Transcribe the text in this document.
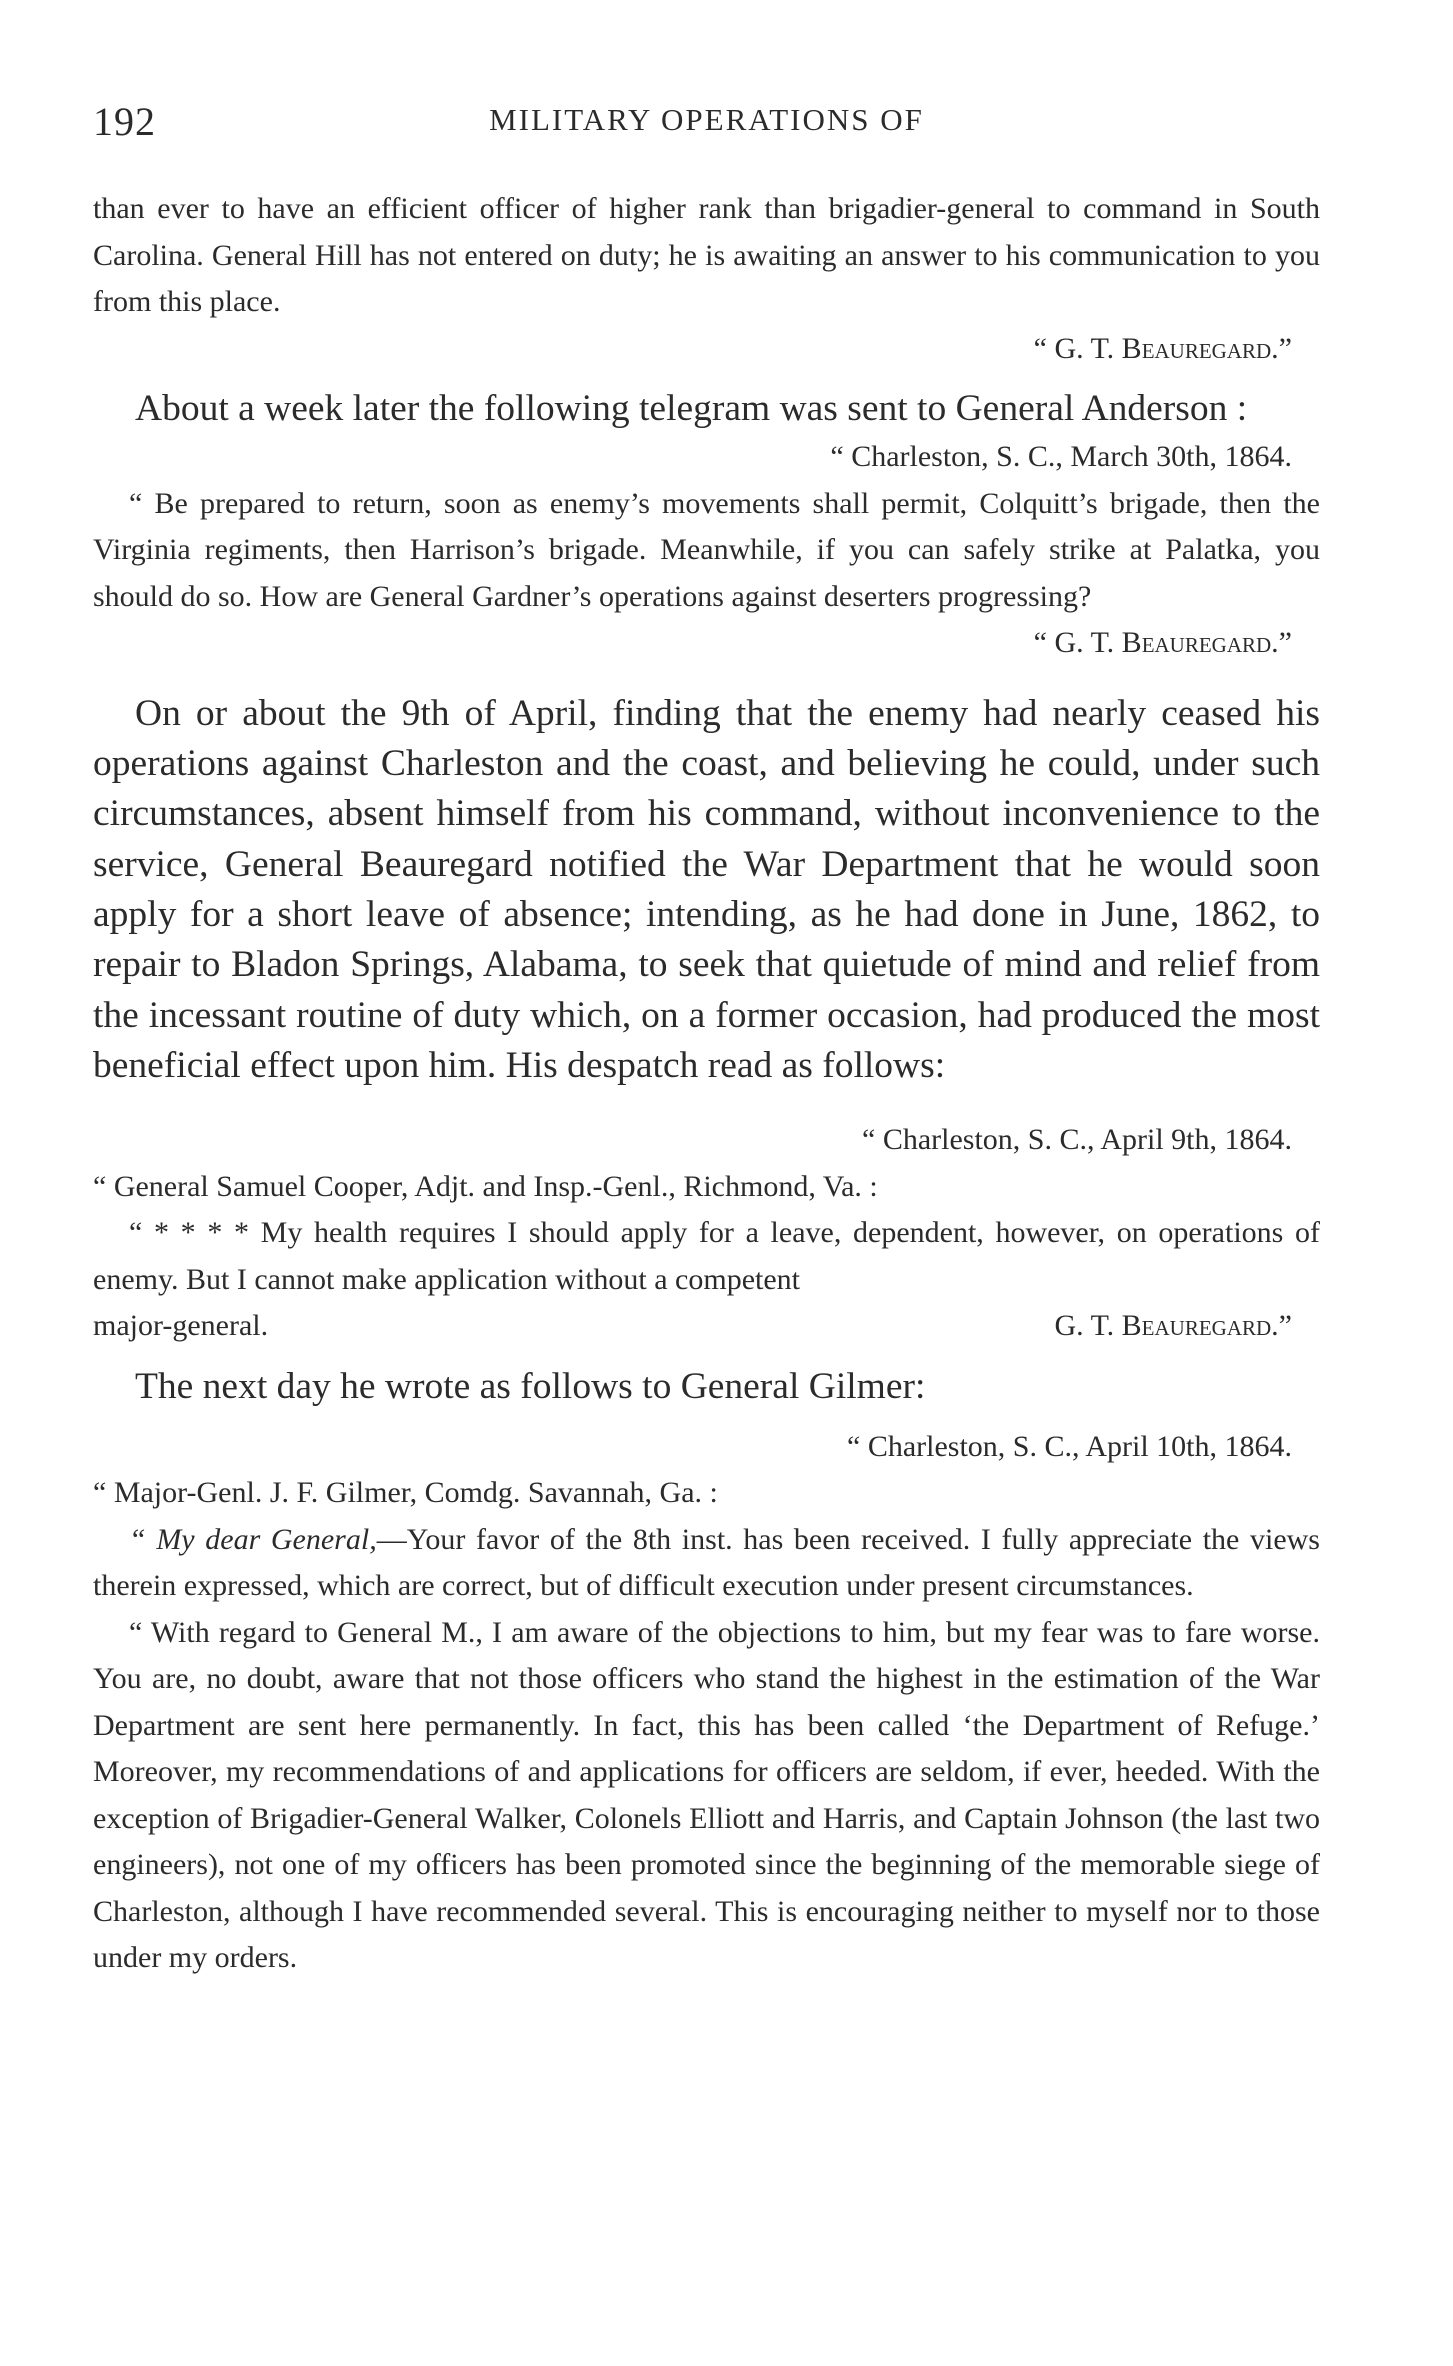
192	MILITARY OPERATIONS OF

than ever to have an efficient officer of higher rank than brigadier-general to command in South Carolina. General Hill has not entered on duty; he is awaiting an answer to his communication to you from this place.

“ G. T. Beauregard.”

About a week later the following telegram was sent to General Anderson :

“ Charleston, S. C., March 30th, 1864.

“ Be prepared to return, soon as enemy’s movements shall permit, Colquitt’s brigade, then the Virginia regiments, then Harrison’s brigade. Meanwhile, if you can safely strike at Palatka, you should do so. How are General Gardner’s operations against deserters progressing?

“ G. T. Beauregard.”

On or about the 9th of April, finding that the enemy had nearly ceased his operations against Charleston and the coast, and believing he could, under such circumstances, absent himself from his command, without inconvenience to the service, General Beauregard notified the War Department that he would soon apply for a short leave of absence; intending, as he had done in June, 1862, to repair to Bladon Springs, Alabama, to seek that quietude of mind and relief from the incessant routine of duty which, on a former occasion, had produced the most beneficial effect upon him. His despatch read as follows:

“ Charleston, S. C., April 9th, 1864.

“ General Samuel Cooper, Adjt. and Insp.-Genl., Richmond, Va. :

“ * * * * My health requires I should apply for a leave, dependent, however, on operations of enemy. But I cannot make application without a competent

major-general.	G. T. Beauregard.”

The next day he wrote as follows to General Gilmer:

“ Charleston, S. C., April 10th, 1864.

“ Major-Genl. J. F. Gilmer, Comdg. Savannah, Ga. :

“ My dear General,—Your favor of the 8th inst. has been received. I fully appreciate the views therein expressed, which are correct, but of difficult execution under present circumstances.

“ With regard to General M., I am aware of the objections to him, but my fear was to fare worse. You are, no doubt, aware that not those officers who stand the highest in the estimation of the War Department are sent here permanently. In fact, this has been called ‘the Department of Refuge.’ Moreover, my recommendations of and applications for officers are seldom, if ever, heeded. With the exception of Brigadier-General Walker, Colonels Elliott and Harris, and Captain Johnson (the last two engineers), not one of my officers has been promoted since the beginning of the memorable siege of Charleston, although I have recommended several. This is encouraging neither to myself nor to those under my orders.
